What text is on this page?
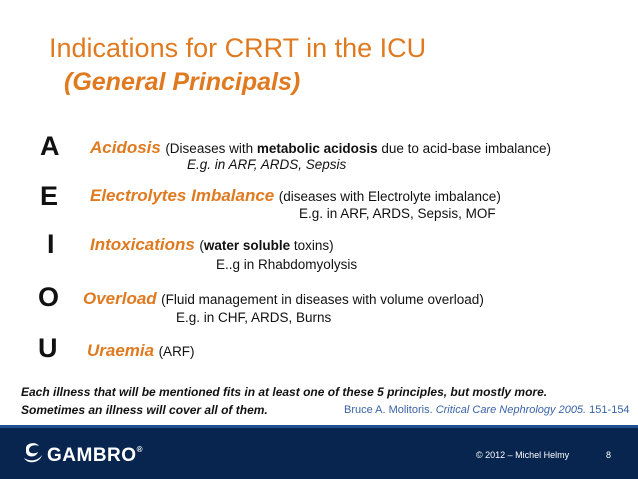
Indications for CRRT in the ICU
(General Principals)
A Acidosis (Diseases with metabolic acidosis due to acid-base imbalance)
E.g. in ARF, ARDS, Sepsis
E Electrolytes Imbalance (diseases with Electrolyte imbalance)
E.g. in ARF, ARDS, Sepsis, MOF
I Intoxications (water soluble toxins)
E..g in Rhabdomyolysis
O Overload (Fluid management in diseases with volume overload)
E.g. in CHF, ARDS, Burns
U Uraemia (ARF)
Each illness that will be mentioned fits in at least one of these 5 principles, but mostly more.
Sometimes an illness will cover all of them.	Bruce A. Molitoris. Critical Care Nephrology 2005. 151-154
GAMBRO®
© 2012 – Michel Helmy	8
